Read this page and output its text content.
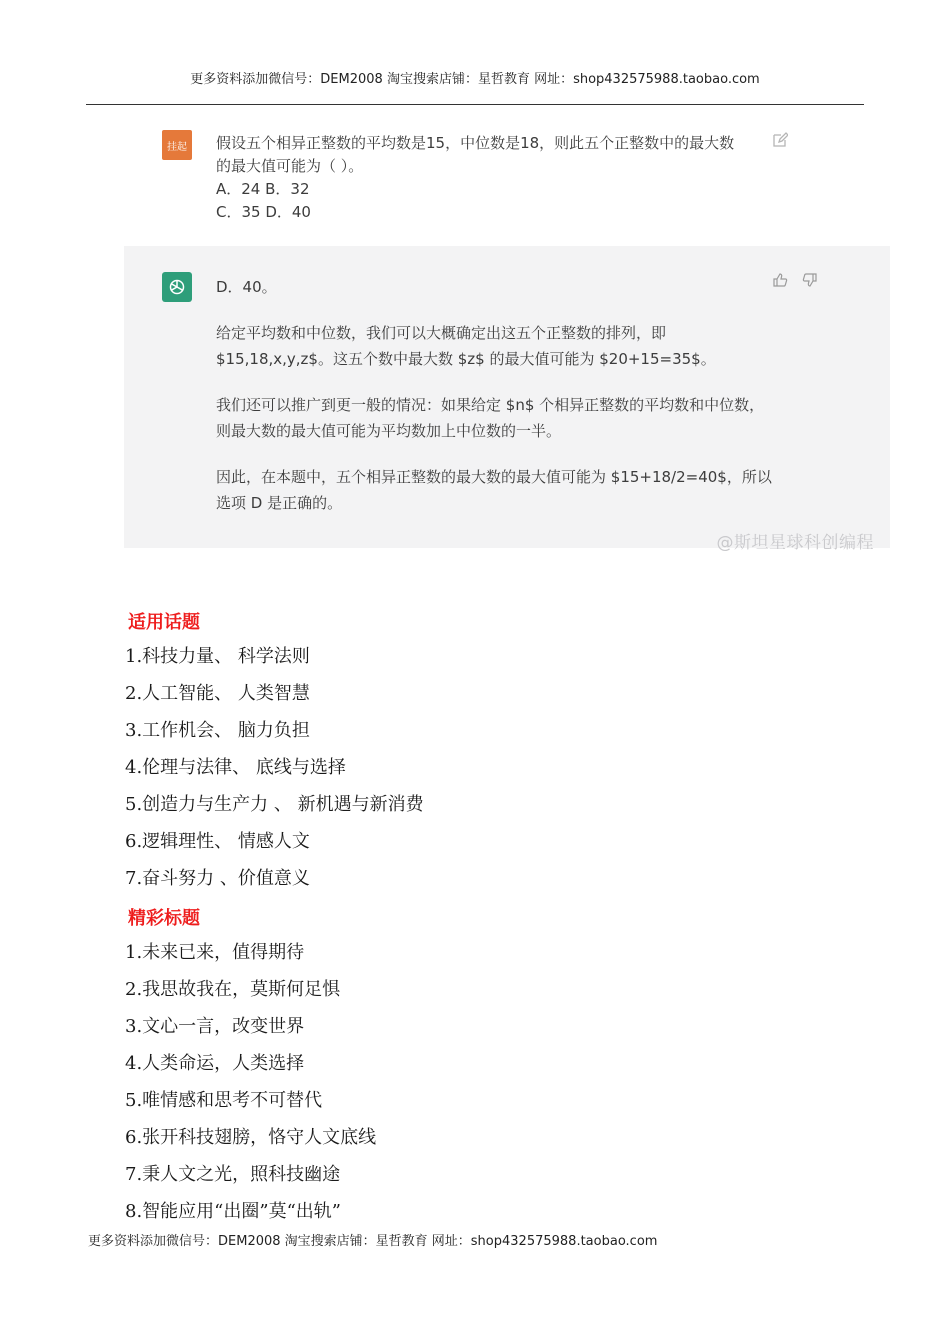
更多资料添加微信号：DEM2008 淘宝搜索店铺：星哲教育 网址：shop432575988.taobao.com
挂起	假设五个相异正整数的平均数是15，中位数是18，则此五个正整数中的最大数
的最大值可能为（ ）。
A．24 B．32
C．35 D．40

D．40。

给定平均数和中位数，我们可以大概确定出这五个正整数的排列，即 $15,18,x,y,z$。这五个数中最大数 $z$ 的最大值可能为 $20+15=35$。

我们还可以推广到更一般的情况：如果给定 $n$ 个相异正整数的平均数和中位数，则最大数的最大值可能为平均数加上中位数的一半。

因此，在本题中，五个相异正整数的最大数的最大值可能为 $15+18/2=40$，所以选项 D 是正确的。

@斯坦星球科创编程
适用话题
1.科技力量、 科学法则
2.人工智能、 人类智慧
3.工作机会、 脑力负担
4.伦理与法律、 底线与选择
5.创造力与生产力 、 新机遇与新消费
6.逻辑理性、 情感人文
7.奋斗努力 、价值意义
精彩标题
1.未来已来，值得期待
2.我思故我在，莫斯何足惧
3.文心一言，改变世界
4.人类命运，人类选择
5.唯情感和思考不可替代
6.张开科技翅膀，恪守人文底线
7.秉人文之光，照科技幽途
8.智能应用“出圈”莫“出轨”
更多资料添加微信号：DEM2008 淘宝搜索店铺：星哲教育 网址：shop432575988.taobao.com
